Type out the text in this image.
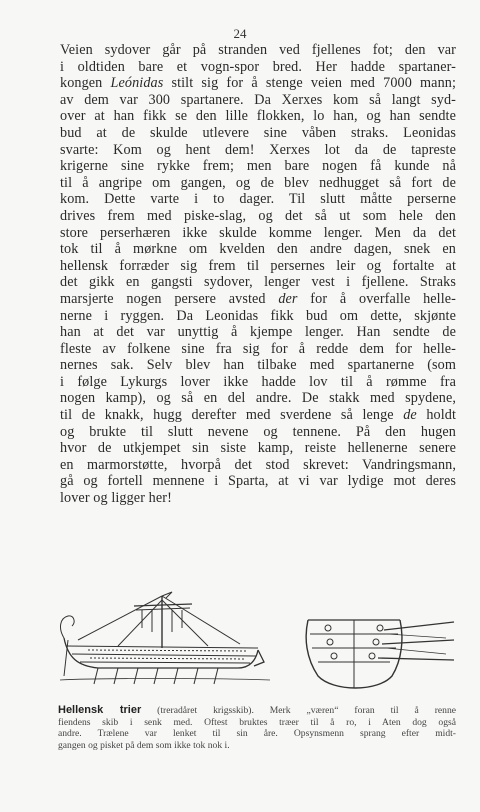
24
Veien sydover går på stranden ved fjellenes fot; den var
i oldtiden bare et vogn-spor bred. Her hadde spartaner-
kongen Leónidas stilt sig for å stenge veien med 7000 mann;
av dem var 300 spartanere. Da Xerxes kom så langt syd-
over at han fikk se den lille flokken, lo han, og han sendte
bud at de skulde utlevere sine våben straks. Leonidas
svarte: Kom og hent dem! Xerxes lot da de tapreste
krigerne sine rykke frem; men bare nogen få kunde nå
til å angripe om gangen, og de blev nedhugget så fort de
kom. Dette varte i to dager. Til slutt måtte perserne
drives frem med piske-slag, og det så ut som hele den
store perserhæren ikke skulde komme lenger. Men da det
tok til å mørkne om kvelden den andre dagen, snek en
hellensk forræder sig frem til persernes leir og fortalte at
det gikk en gangsti sydover, lenger vest i fjellene. Straks
marsjerte nogen persere avsted der for å overfalle helle-
nerne i ryggen. Da Leonidas fikk bud om dette, skjønte
han at det var unyttig å kjempe lenger. Han sendte de
fleste av folkene sine fra sig for å redde dem for helle-
nernes sak. Selv blev han tilbake med spartanerne (som
i følge Lykurgs lover ikke hadde lov til å rømme fra
nogen kamp), og så en del andre. De stakk med spydene,
til de knakk, hugg derefter med sverdene så lenge de holdt
og brukte til slutt nevene og tennene. På den hugen
hvor de utkjempet sin siste kamp, reiste hellenerne senere
en marmorstøtte, hvorpå det stod skrevet: Vandringsmann,
gå og fortell mennene i Sparta, at vi var lydige mot deres
lover og ligger her!
Hellensk trier (treradåret krigsskib). Merk „væren“ foran til å renne
fiendens skib i senk med. Oftest bruktes træer til å ro, i Aten dog også
andre. Trælene var lenket til sin åre. Opsynsmenn sprang efter midt-
gangen og pisket på dem som ikke tok nok i.
